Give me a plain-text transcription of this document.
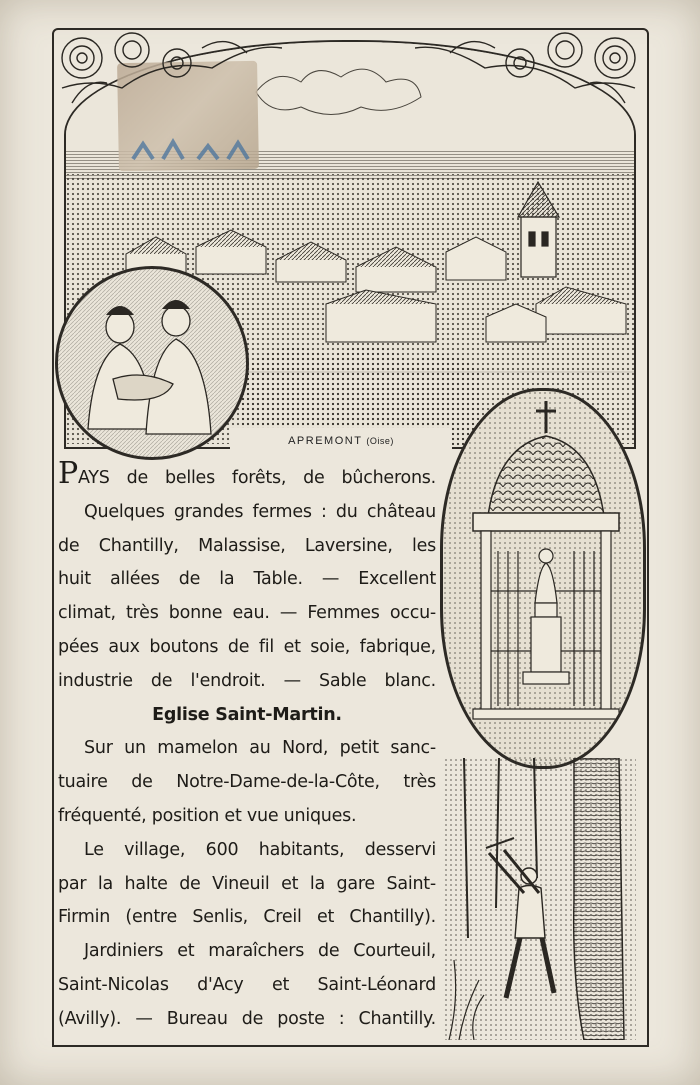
APREMONT (Oise)
PAYS de belles forêts, de bûcherons.
Quelques grandes fermes : du château
de Chantilly, Malassise, Laversine, les
huit allées de la Table. — Excellent
climat, très bonne eau. — Femmes occu-
pées aux boutons de fil et soie, fabrique,
industrie de l'endroit. — Sable blanc.
Eglise Saint-Martin.
Sur un mamelon au Nord, petit sanc-
tuaire de Notre-Dame-de-la-Côte, très
fréquenté, position et vue uniques.
Le village, 600 habitants, desservi
par la halte de Vineuil et la gare Saint-
Firmin (entre Senlis, Creil et Chantilly).
Jardiniers et maraîchers de Courteuil,
Saint-Nicolas d'Acy et Saint-Léonard
(Avilly). — Bureau de poste : Chantilly.
